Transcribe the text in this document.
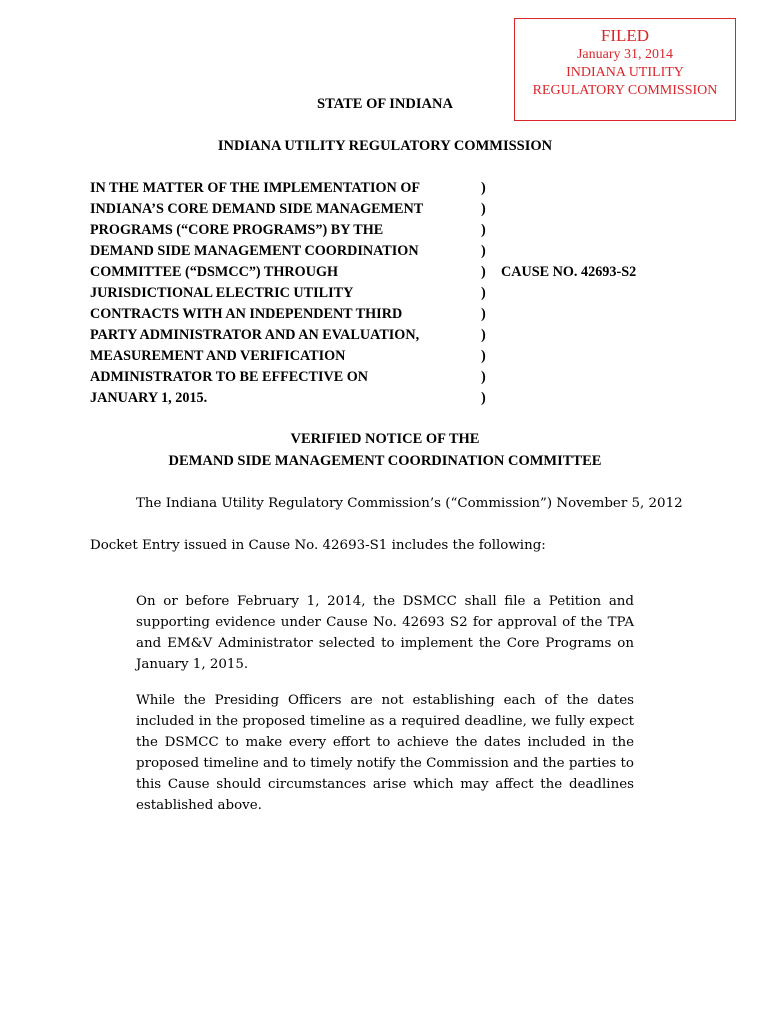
FILED
January 31, 2014
INDIANA UTILITY
REGULATORY COMMISSION
STATE OF INDIANA
INDIANA UTILITY REGULATORY COMMISSION
IN THE MATTER OF THE IMPLEMENTATION OF
INDIANA’S CORE DEMAND SIDE MANAGEMENT
PROGRAMS (“CORE PROGRAMS”) BY THE
DEMAND SIDE MANAGEMENT COORDINATION
COMMITTEE (“DSMCC”) THROUGH
JURISDICTIONAL ELECTRIC UTILITY
CONTRACTS WITH AN INDEPENDENT THIRD
PARTY ADMINISTRATOR AND AN EVALUATION,
MEASUREMENT AND VERIFICATION
ADMINISTRATOR TO BE EFFECTIVE ON
JANUARY 1, 2015.
)
)
)
)
)
)
)
)
)
)
)
CAUSE NO. 42693-S2
VERIFIED NOTICE OF THE
DEMAND SIDE MANAGEMENT COORDINATION COMMITTEE
The Indiana Utility Regulatory Commission’s (“Commission”) November 5, 2012
Docket Entry issued in Cause No. 42693-S1 includes the following:
On or before February 1, 2014, the DSMCC shall file a Petition and
supporting evidence under Cause No. 42693 S2 for approval of the TPA
and EM&V Administrator selected to implement the Core Programs on
January 1, 2015.
While the Presiding Officers are not establishing each of the dates
included in the proposed timeline as a required deadline, we fully expect
the DSMCC to make every effort to achieve the dates included in the
proposed timeline and to timely notify the Commission and the parties to
this Cause should circumstances arise which may affect the deadlines
established above.
